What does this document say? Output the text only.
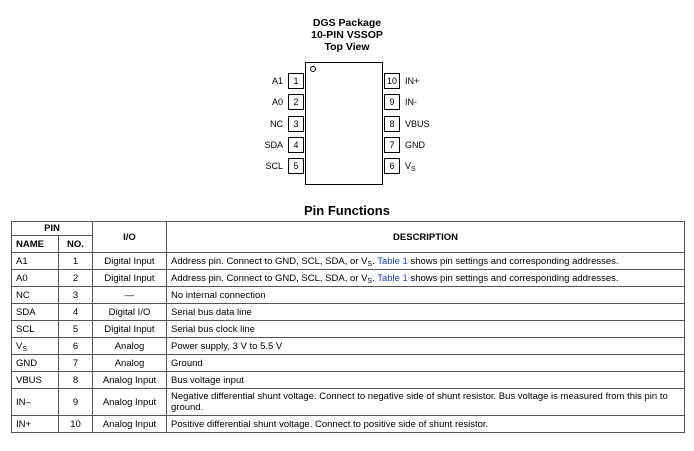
DGS Package
10-PIN VSSOP
Top View
A1	1
A0	2
NC	3
SDA	4
SCL	5
10 IN+
9	IN-
8	VBUS
7	GND
6	$V_S$
Pin Functions
PIN		I/O	DESCRIPTION
NAME	NO.		
A1	1	Digital Input	Address pin. Connect to GND, SCL, SDA, or $V_S$. Table 1 shows pin settings and corresponding addresses.
A0	2	Digital Input	Address pin. Connect to GND, SCL, SDA, or $V_S$. Table 1 shows pin settings and corresponding addresses.
NC	3	—	No internal connection
SDA	4	Digital I/O	Serial bus data line
SCL	5	Digital Input	Serial bus clock line
$V_S$	6	Analog	Power supply, 3 V to 5.5 V
GND	7	Analog	Ground
VBUS	8	Analog Input	Bus voltage input
IN–	9	Analog Input	Negative differential shunt voltage. Connect to negative side of shunt resistor. Bus voltage is measured from this pin to ground.
IN+	10	Analog Input	Positive differential shunt voltage. Connect to positive side of shunt resistor.
